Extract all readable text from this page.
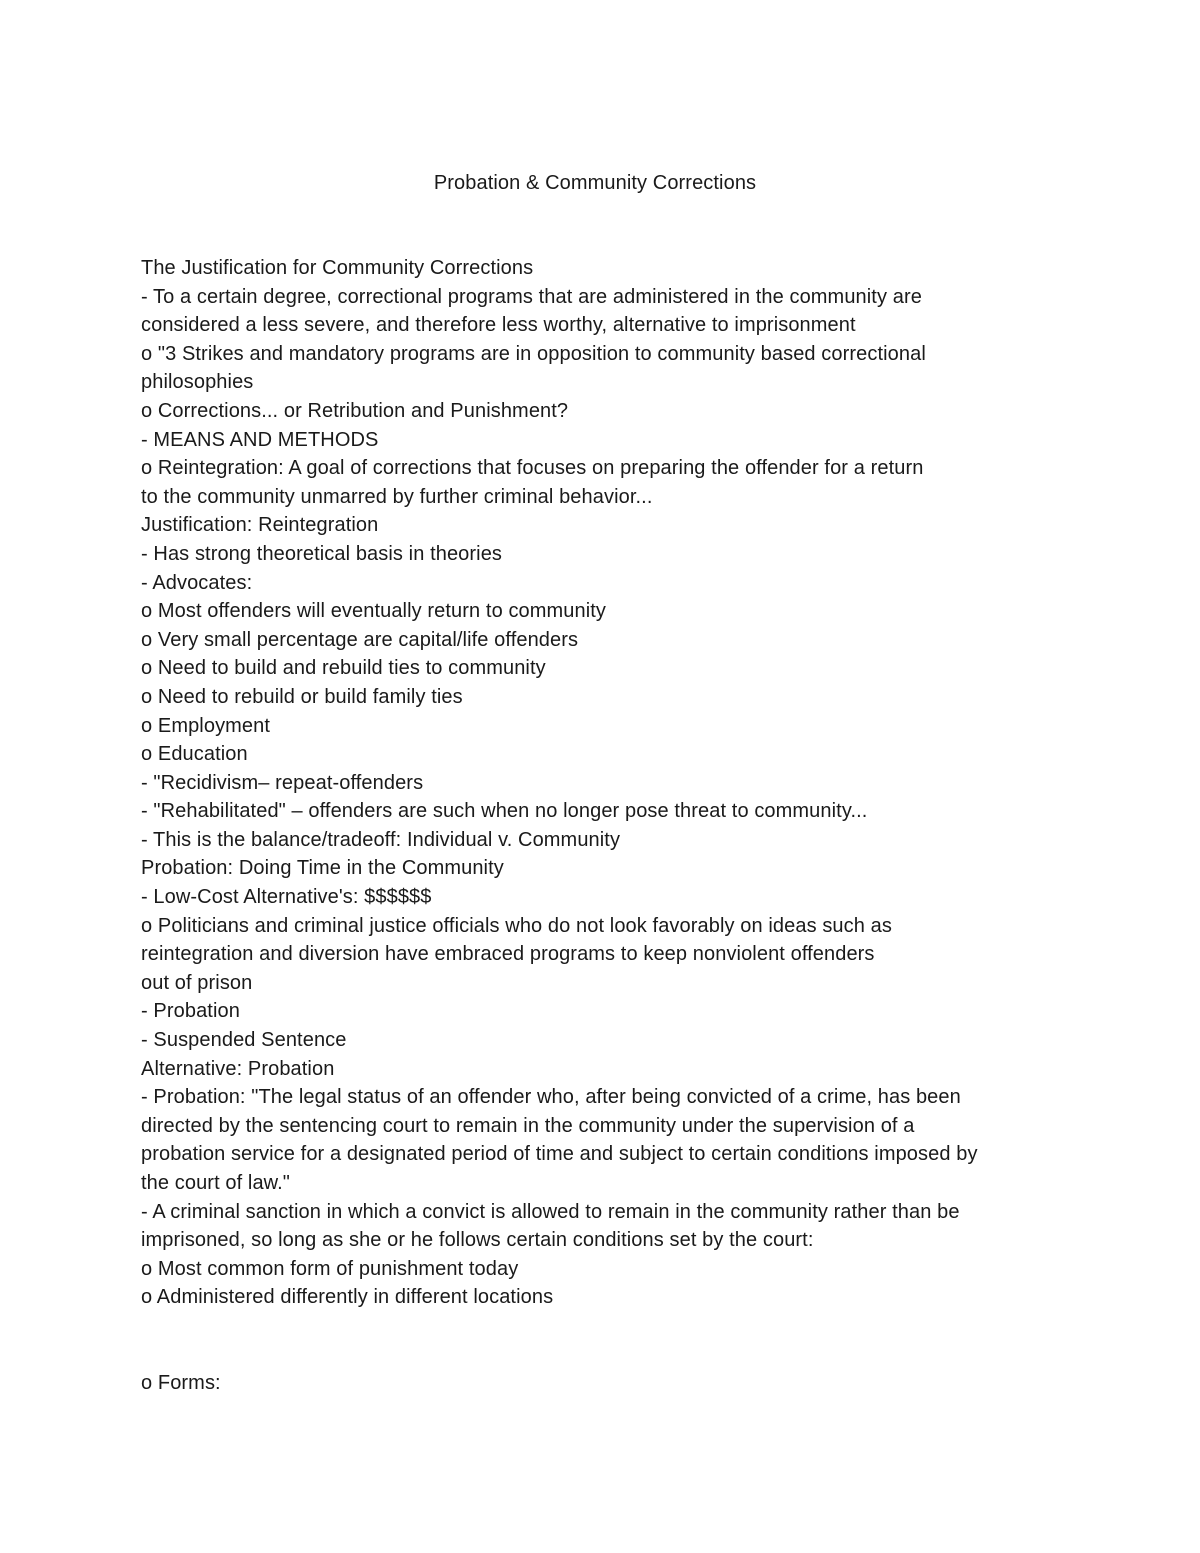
Probation & Community Corrections
The Justification for Community Corrections
- To a certain degree, correctional programs that are administered in the community are
considered a less severe, and therefore less worthy, alternative to imprisonment
o "3 Strikes and mandatory programs are in opposition to community based correctional
philosophies
o Corrections... or Retribution and Punishment?
- MEANS AND METHODS
o Reintegration: A goal of corrections that focuses on preparing the offender for a return
to the community unmarred by further criminal behavior...
Justification: Reintegration
- Has strong theoretical basis in theories
- Advocates:
o Most offenders will eventually return to community
o Very small percentage are capital/life offenders
o Need to build and rebuild ties to community
o Need to rebuild or build family ties
o Employment
o Education
- "Recidivism– repeat-offenders
- "Rehabilitated" – offenders are such when no longer pose threat to community...
- This is the balance/tradeoff: Individual v. Community
Probation: Doing Time in the Community
- Low-Cost Alternative's: $$$$$$
o Politicians and criminal justice officials who do not look favorably on ideas such as
reintegration and diversion have embraced programs to keep nonviolent offenders
out of prison
- Probation
- Suspended Sentence
Alternative: Probation
- Probation: "The legal status of an offender who, after being convicted of a crime, has been
directed by the sentencing court to remain in the community under the supervision of a
probation service for a designated period of time and subject to certain conditions imposed by
the court of law."
- A criminal sanction in which a convict is allowed to remain in the community rather than be
imprisoned, so long as she or he follows certain conditions set by the court:
o Most common form of punishment today
o Administered differently in different locations
o Forms:
